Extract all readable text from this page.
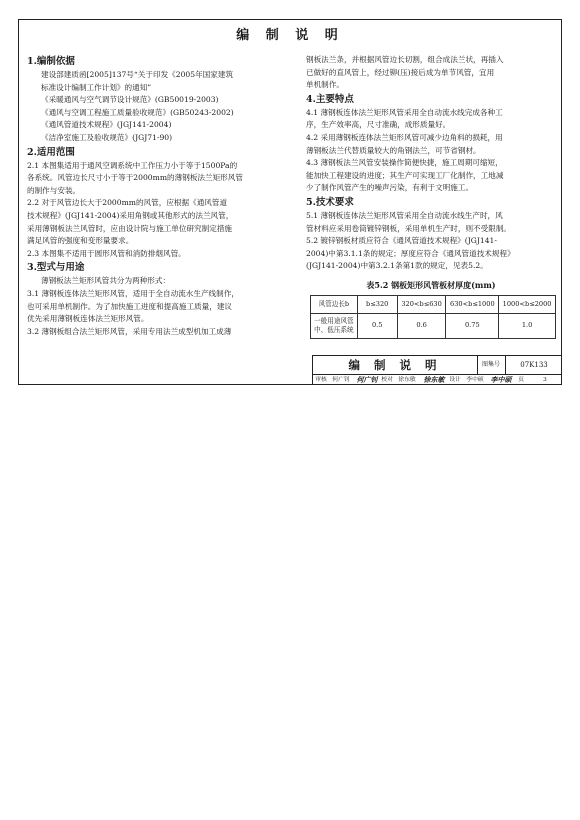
编 制 说 明
1.编制依据

建设部建质函[2005]137号“关于印发《2005年国家建筑

标准设计编制工作计划》的通知”

《采暖通风与空气调节设计规范》(GB50019-2003)

《通风与空调工程施工质量验收规范》(GB50243-2002)

《通风管道技术规程》(JGJ141-2004)

《洁净室施工及验收规范》(JGJ71-90)

2.适用范围

2.1 本图集适用于通风空调系统中工作压力小于等于1500Pa的

各系统。风管边长尺寸小于等于2000mm的薄钢板法兰矩形风管

的制作与安装。

2.2 对于风管边长大于2000mm的风管，应根据《通风管道

技术规程》(JGJ141-2004)采用角钢或其他形式的法兰风管，

采用薄钢板法兰风管时，应由设计院与施工单位研究制定措施

满足风管的强度和变形量要求。

2.3 本图集不适用于圆形风管和消防排烟风管。

3.型式与用途

薄钢板法兰矩形风管共分为两种形式：

3.1 薄钢板连体法兰矩形风管，适用于全自动流水生产线制作，

也可采用单机制作。为了加快施工进度和提高施工质量，建议

优先采用薄钢板连体法兰矩形风管。

3.2 薄钢板组合法兰矩形风管，采用专用法兰成型机加工成薄

钢板法兰条，并根据风管边长切割，组合成法兰状，再插入

已做好的直风管上，经过铆(压)接后成为单节风管，宜用

单机制作。

4.主要特点

4.1 薄钢板连体法兰矩形风管采用全自动流水线完成各种工

序，生产效率高，尺寸准确，成形质量好。

4.2 采用薄钢板连体法兰矩形风管可减少边角料的损耗，用

薄钢板法兰代替质量较大的角钢法兰，可节省钢材。

4.3 薄钢板法兰风管安装操作简便快捷，施工周期可缩短，

能加快工程建设的进度；其生产可实现工厂化制作，工地减

少了制作风管产生的噪声污染，有利于文明施工。

5.技术要求

5.1 薄钢板连体法兰矩形风管采用全自动流水线生产时，风

管材料应采用卷筒镀锌钢板，采用单机生产时，则不受限制。

5.2 镀锌钢板材质应符合《通风管道技术规程》(JGJ141-

2004)中第3.1.1条的规定；厚度应符合《通风管道技术规程》

(JGJ141-2004)中第3.2.1条第1款的规定，见表5.2。

表5.2 钢板矩形风管板材厚度(mm)
风管边长b	b≤320	320<b≤630	630<b≤1000	1000<b≤2000
一般用途风管
中、低压系统	0.5	0.6	0.75	1.0
编 制 说 明	图集号	07K133
审核 何广钊 何广钊 校对 徐东敏	徐东敏 设计 李中硕 李中硕	页	3
